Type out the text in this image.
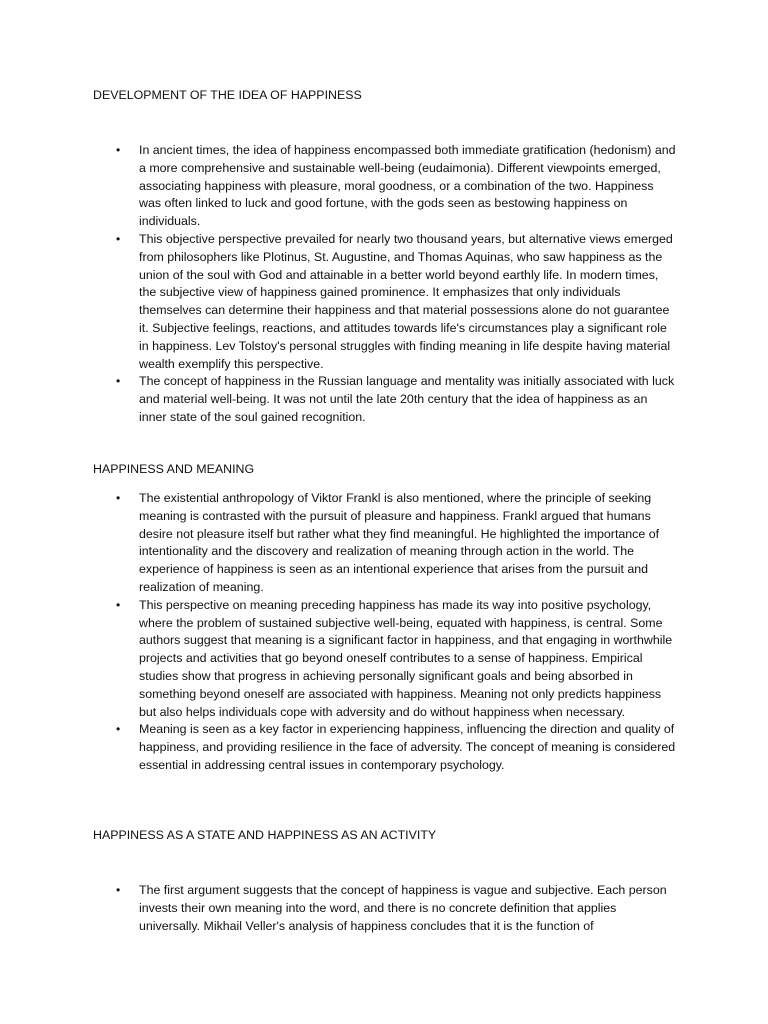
DEVELOPMENT OF THE IDEA OF HAPPINESS
•	In ancient times, the idea of happiness encompassed both immediate gratification (hedonism) and a more comprehensive and sustainable well-being (eudaimonia). Different viewpoints emerged, associating happiness with pleasure, moral goodness, or a combination of the two. Happiness was often linked to luck and good fortune, with the gods seen as bestowing happiness on individuals.
•	This objective perspective prevailed for nearly two thousand years, but alternative views emerged from philosophers like Plotinus, St. Augustine, and Thomas Aquinas, who saw happiness as the union of the soul with God and attainable in a better world beyond earthly life. In modern times, the subjective view of happiness gained prominence. It emphasizes that only individuals themselves can determine their happiness and that material possessions alone do not guarantee it. Subjective feelings, reactions, and attitudes towards life's circumstances play a significant role in happiness. Lev Tolstoy's personal struggles with finding meaning in life despite having material wealth exemplify this perspective.
•	The concept of happiness in the Russian language and mentality was initially associated with luck and material well-being. It was not until the late 20th century that the idea of happiness as an inner state of the soul gained recognition.
HAPPINESS AND MEANING
•	The existential anthropology of Viktor Frankl is also mentioned, where the principle of seeking meaning is contrasted with the pursuit of pleasure and happiness. Frankl argued that humans desire not pleasure itself but rather what they find meaningful. He highlighted the importance of intentionality and the discovery and realization of meaning through action in the world. The experience of happiness is seen as an intentional experience that arises from the pursuit and realization of meaning.
•	This perspective on meaning preceding happiness has made its way into positive psychology, where the problem of sustained subjective well-being, equated with happiness, is central. Some authors suggest that meaning is a significant factor in happiness, and that engaging in worthwhile projects and activities that go beyond oneself contributes to a sense of happiness. Empirical studies show that progress in achieving personally significant goals and being absorbed in something beyond oneself are associated with happiness. Meaning not only predicts happiness but also helps individuals cope with adversity and do without happiness when necessary.
•	Meaning is seen as a key factor in experiencing happiness, influencing the direction and quality of happiness, and providing resilience in the face of adversity. The concept of meaning is considered essential in addressing central issues in contemporary psychology.
HAPPINESS AS A STATE AND HAPPINESS AS AN ACTIVITY
•	The first argument suggests that the concept of happiness is vague and subjective. Each person invests their own meaning into the word, and there is no concrete definition that applies universally. Mikhail Veller's analysis of happiness concludes that it is the function of
